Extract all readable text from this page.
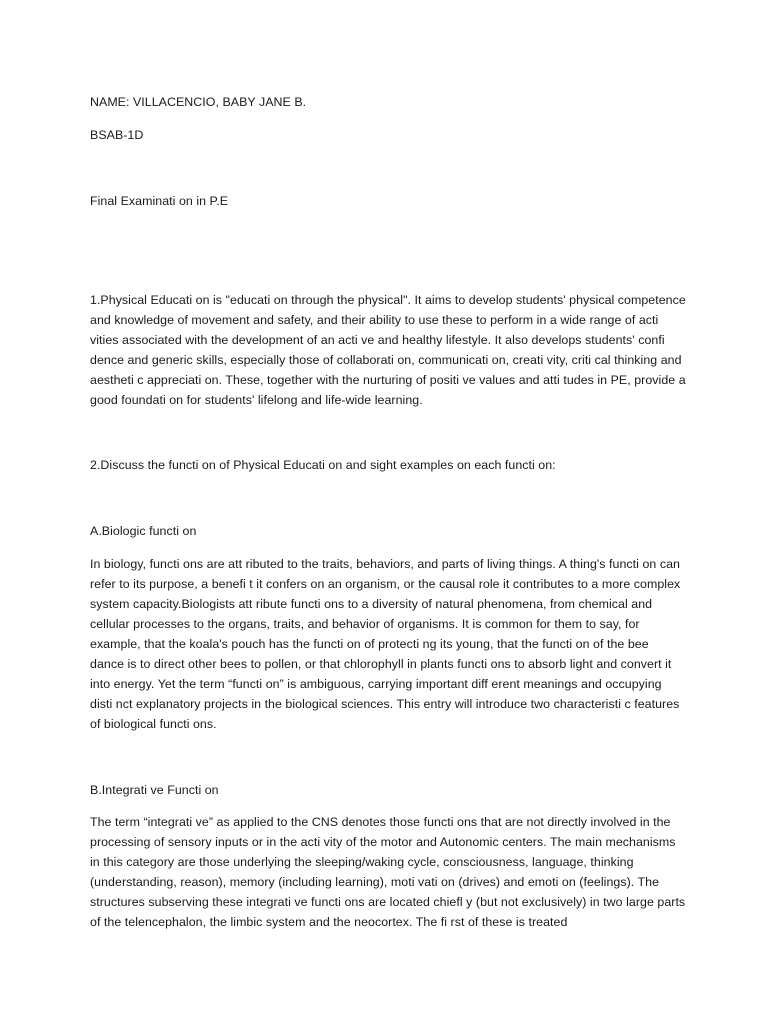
NAME: VILLACENCIO, BABY JANE B.
BSAB-1D
Final Examinati on in P.E
1.Physical Educati on is "educati on through the physical". It aims to develop students' physical competence and knowledge of movement and safety, and their ability to use these to perform in a wide range of acti vities associated with the development of an acti ve and healthy lifestyle. It also develops students' confi dence and generic skills, especially those of collaborati on, communicati on, creati vity, criti cal thinking and aestheti c appreciati on. These, together with the nurturing of positi ve values and atti tudes in PE, provide a good foundati on for students' lifelong and life-wide learning.
2.Discuss the functi on of Physical Educati on and sight examples on each functi on:
A.Biologic functi on
In biology, functi ons are att ributed to the traits, behaviors, and parts of living things. A thing's functi on can refer to its purpose, a benefi t it confers on an organism, or the causal role it contributes to a more complex system capacity.Biologists att ribute functi ons to a diversity of natural phenomena, from chemical and cellular processes to the organs, traits, and behavior of organisms. It is common for them to say, for example, that the koala's pouch has the functi on of protecti ng its young, that the functi on of the bee dance is to direct other bees to pollen, or that chlorophyll in plants functi ons to absorb light and convert it into energy. Yet the term “functi on” is ambiguous, carrying important diff erent meanings and occupying disti nct explanatory projects in the biological sciences. This entry will introduce two characteristi c features of biological functi ons.
B.Integrati ve Functi on
The term “integrati ve” as applied to the CNS denotes those functi ons that are not directly involved in the processing of sensory inputs or in the acti vity of the motor and Autonomic centers. The main mechanisms in this category are those underlying the sleeping/waking cycle, consciousness, language, thinking (understanding, reason), memory (including learning), moti vati on (drives) and emoti on (feelings). The structures subserving these integrati ve functi ons are located chiefl y (but not exclusively) in two large parts of the telencephalon, the limbic system and the neocortex. The fi rst of these is treated
